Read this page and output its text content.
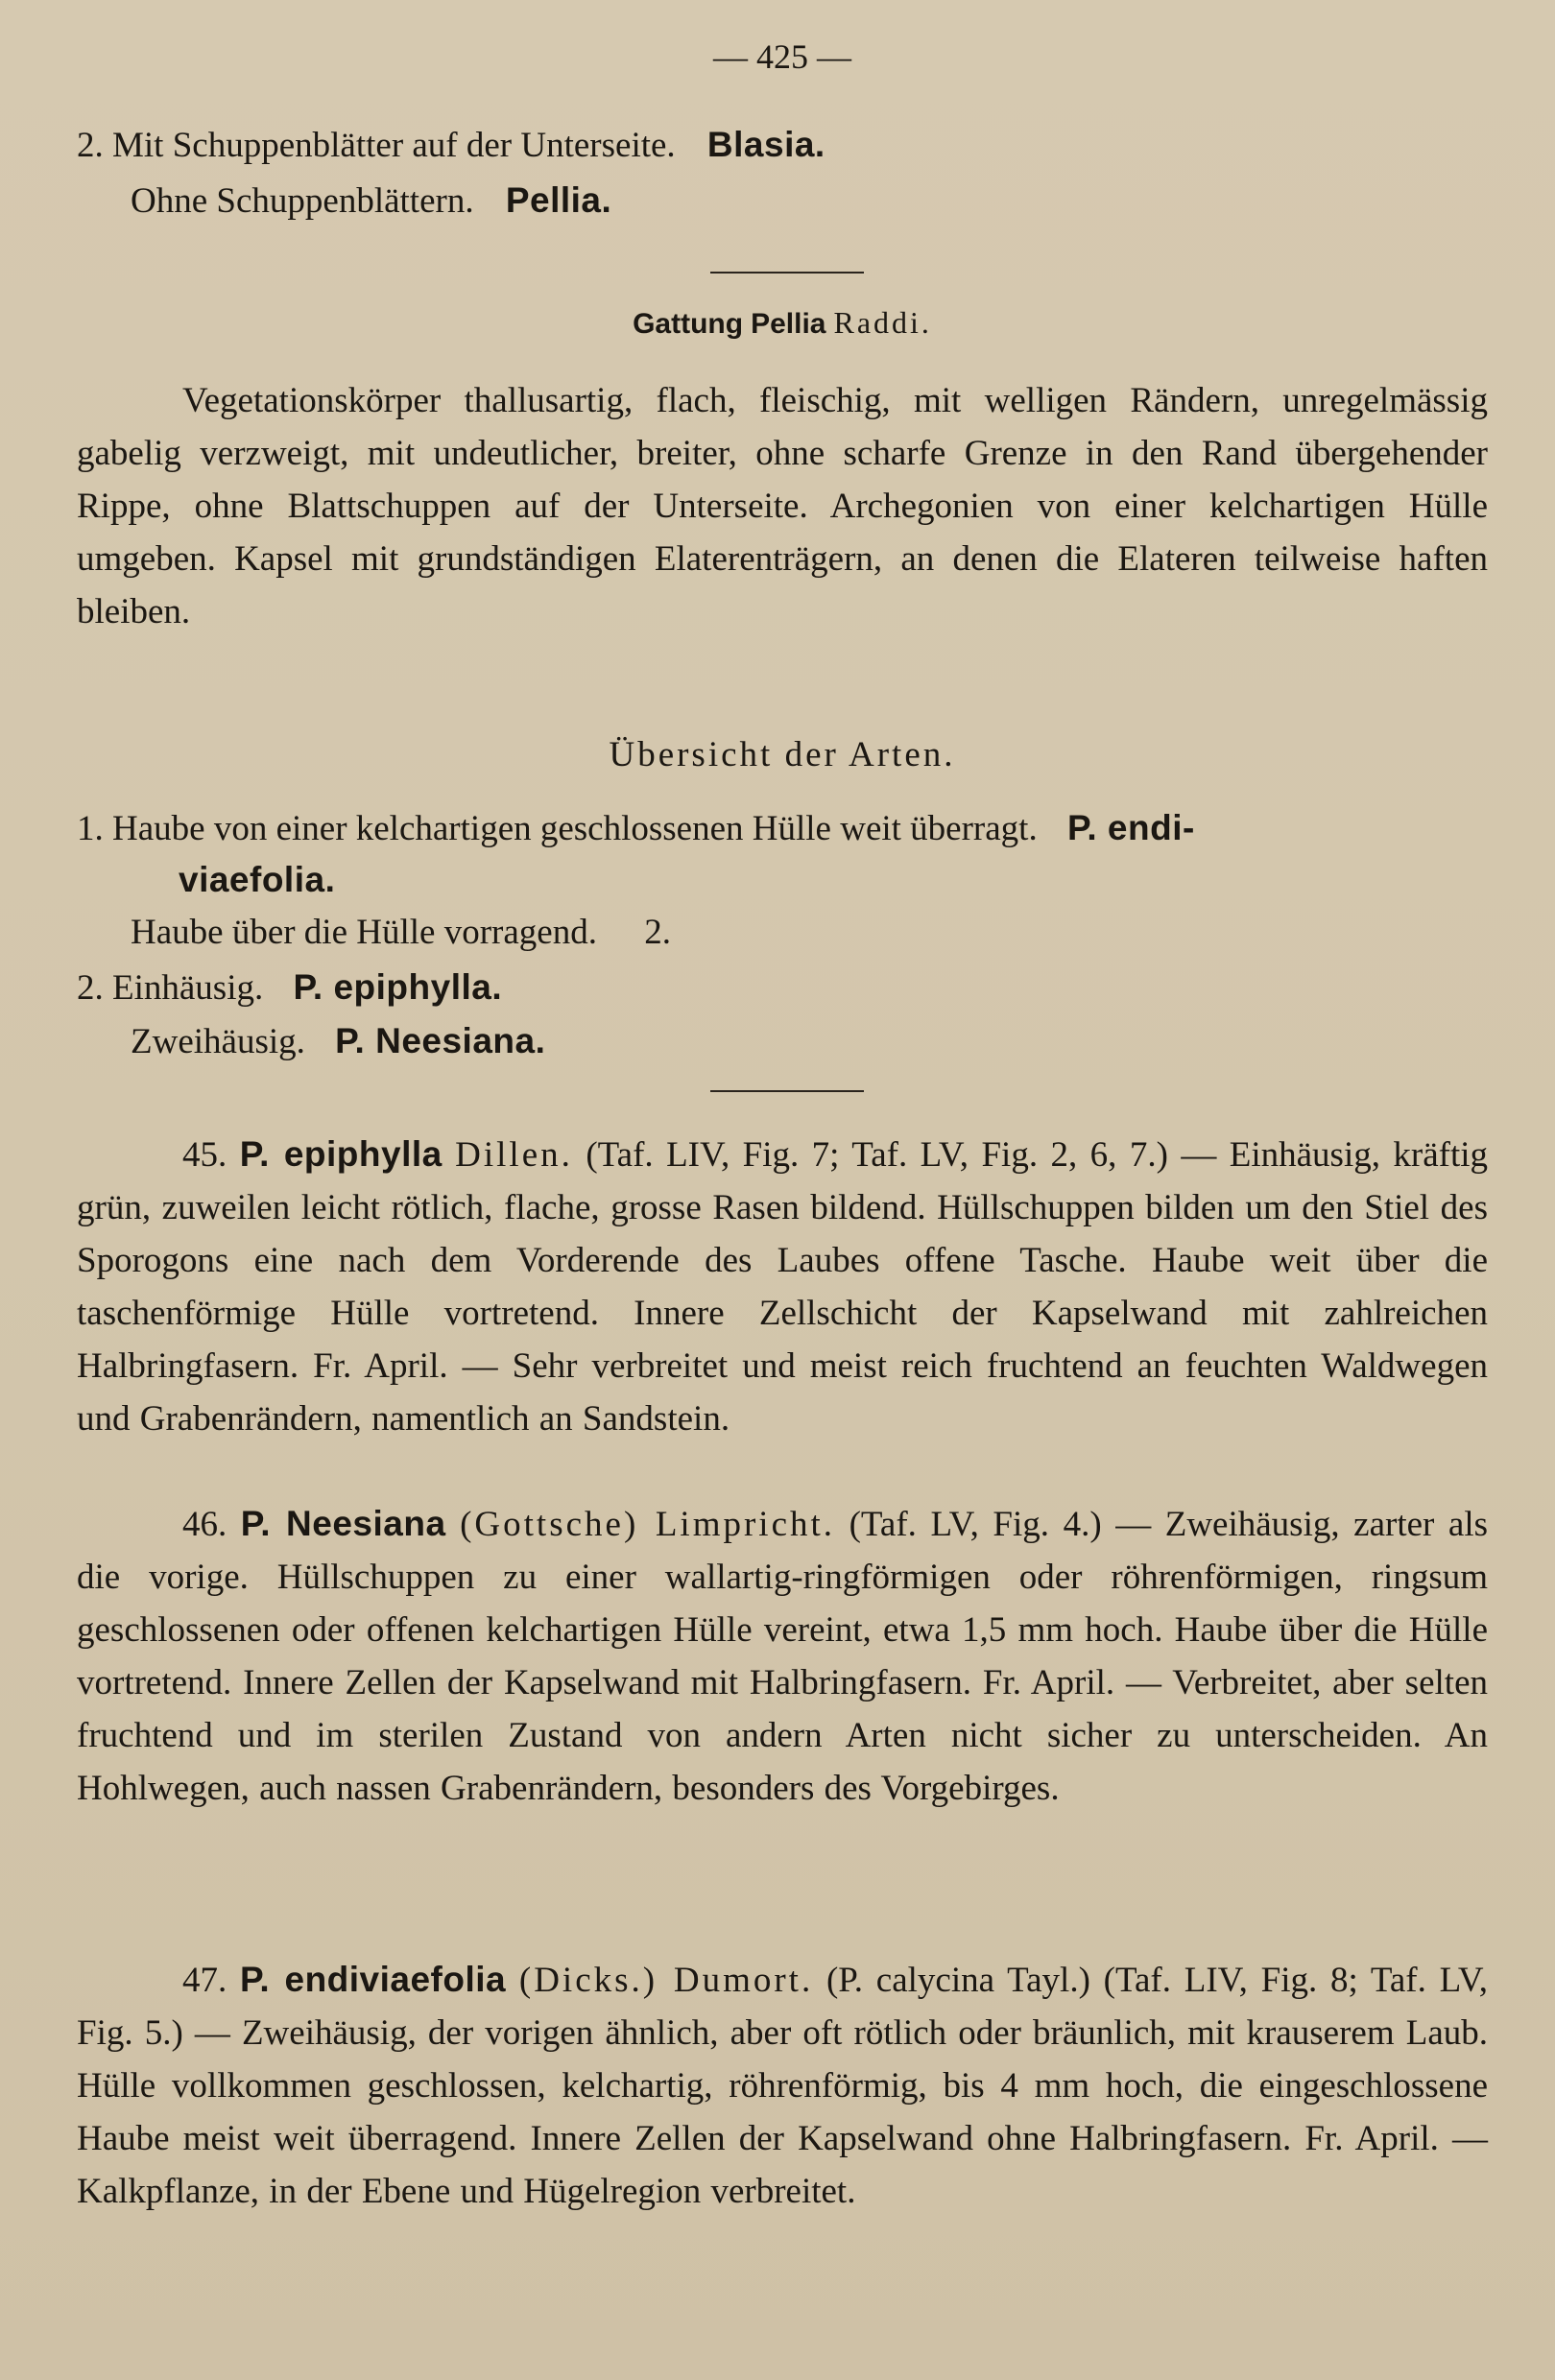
— 425 —
2. Mit Schuppenblätter auf der Unterseite. Blasia.
Ohne Schuppenblättern. Pellia.
Gattung Pellia Raddi.
Vegetationskörper thallusartig, flach, fleischig, mit welligen Rändern, unregelmässig gabelig verzweigt, mit undeutlicher, breiter, ohne scharfe Grenze in den Rand übergehender Rippe, ohne Blattschuppen auf der Unterseite. Archegonien von einer kelchartigen Hülle umgeben. Kapsel mit grundständigen Elaterenträgern, an denen die Elateren teilweise haften bleiben.
Übersicht der Arten.
1. Haube von einer kelchartigen geschlossenen Hülle weit überragt. P. endi-
viaefolia.
Haube über die Hülle vorragend. 2.
2. Einhäusig. P. epiphylla.
Zweihäusig. P. Neesiana.
45. P. epiphylla Dillen. (Taf. LIV, Fig. 7; Taf. LV, Fig. 2, 6, 7.) — Einhäusig, kräftig grün, zuweilen leicht rötlich, flache, grosse Rasen bildend. Hüllschuppen bilden um den Stiel des Sporogons eine nach dem Vorderende des Laubes offene Tasche. Haube weit über die taschenförmige Hülle vortretend. Innere Zellschicht der Kapselwand mit zahlreichen Halbringfasern. Fr. April. — Sehr verbreitet und meist reich fruchtend an feuchten Waldwegen und Grabenrändern, namentlich an Sandstein.
46. P. Neesiana (Gottsche) Limpricht. (Taf. LV, Fig. 4.) — Zweihäusig, zarter als die vorige. Hüllschuppen zu einer wallartig-ringförmigen oder röhrenförmigen, ringsum geschlossenen oder offenen kelchartigen Hülle vereint, etwa 1,5 mm hoch. Haube über die Hülle vortretend. Innere Zellen der Kapselwand mit Halbringfasern. Fr. April. — Verbreitet, aber selten fruchtend und im sterilen Zustand von andern Arten nicht sicher zu unterscheiden. An Hohlwegen, auch nassen Grabenrändern, besonders des Vorgebirges.
47. P. endiviaefolia (Dicks.) Dumort. (P. calycina Tayl.) (Taf. LIV, Fig. 8; Taf. LV, Fig. 5.) — Zweihäusig, der vorigen ähnlich, aber oft rötlich oder bräunlich, mit krauserem Laub. Hülle vollkommen geschlossen, kelchartig, röhrenförmig, bis 4 mm hoch, die eingeschlossene Haube meist weit überragend. Innere Zellen der Kapselwand ohne Halbringfasern. Fr. April. — Kalkpflanze, in der Ebene und Hügelregion verbreitet.
